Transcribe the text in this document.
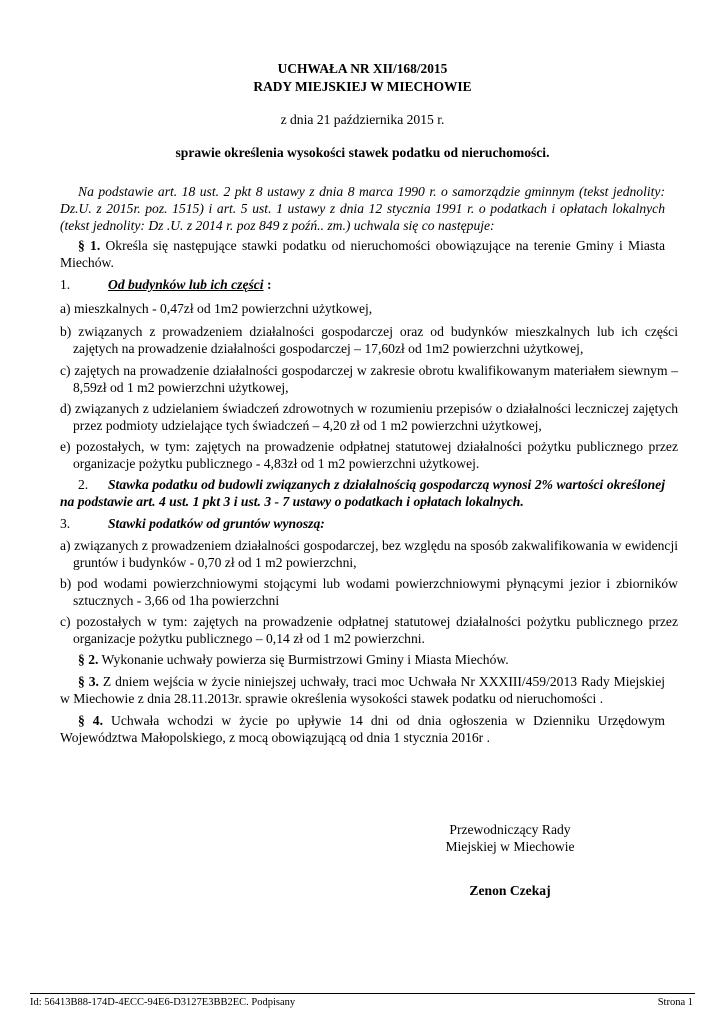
UCHWAŁA NR XII/168/2015
RADY MIEJSKIEJ W MIECHOWIE
z dnia 21 października 2015 r.
sprawie określenia wysokości stawek podatku od nieruchomości.

Na podstawie art. 18 ust. 2 pkt 8 ustawy z dnia 8 marca 1990 r. o samorządzie gminnym (tekst jednolity: Dz.U. z 2015r. poz. 1515) i art. 5 ust. 1 ustawy z dnia 12 stycznia 1991 r. o podatkach i opłatach lokalnych (tekst jednolity: Dz .U. z 2014 r. poz 849 z poźń.. zm.) uchwala się co następuje:

§ 1. Określa się następujące stawki podatku od nieruchomości obowiązujące na terenie Gminy i Miasta Miechów.

1.	Od budynków lub ich części :

a) mieszkalnych - 0,47zł od 1m2 powierzchni użytkowej,

b) związanych z prowadzeniem działalności gospodarczej oraz od budynków mieszkalnych lub ich części zajętych na prowadzenie działalności gospodarczej – 17,60zł od 1m2 powierzchni użytkowej,

c) zajętych na prowadzenie działalności gospodarczej w zakresie obrotu kwalifikowanym materiałem siewnym – 8,59zł od 1 m2 powierzchni użytkowej,

d) związanych z udzielaniem świadczeń zdrowotnych w rozumieniu przepisów o działalności leczniczej zajętych przez podmioty udzielające tych świadczeń – 4,20 zł od 1 m2 powierzchni użytkowej,

e) pozostałych, w tym: zajętych na prowadzenie odpłatnej statutowej działalności pożytku publicznego przez organizacje pożytku publicznego - 4,83zł od 1 m2 powierzchni użytkowej.

2. Stawka podatku od budowli związanych z działalnością gospodarczą wynosi 2% wartości określonej na podstawie art. 4 ust. 1 pkt 3 i ust. 3 - 7 ustawy o podatkach i opłatach lokalnych.

3.	Stawki podatków od gruntów wynoszą:

a) związanych z prowadzeniem działalności gospodarczej, bez względu na sposób zakwalifikowania w ewidencji gruntów i budynków - 0,70 zł od 1 m2 powierzchni,

b) pod wodami powierzchniowymi stojącymi lub wodami powierzchniowymi płynącymi jezior i zbiorników sztucznych - 3,66 od 1ha powierzchni

c) pozostałych w tym: zajętych na prowadzenie odpłatnej statutowej działalności pożytku publicznego przez organizacje pożytku publicznego – 0,14 zł od 1 m2 powierzchni.

§ 2. Wykonanie uchwały powierza się Burmistrzowi Gminy i Miasta Miechów.

§ 3. Z dniem wejścia w życie niniejszej uchwały, traci moc Uchwała Nr XXXIII/459/2013 Rady Miejskiej w Miechowie z dnia 28.11.2013r. sprawie określenia wysokości stawek podatku od nieruchomości .

§ 4. Uchwała wchodzi w życie po upływie 14 dni od dnia ogłoszenia w Dzienniku Urzędowym Województwa Małopolskiego, z mocą obowiązującą od dnia 1 stycznia 2016r .

Przewodniczący Rady
Miejskiej w Miechowie
Zenon Czekaj
Id: 56413B88-174D-4ECC-94E6-D3127E3BB2EC. Podpisany	Strona 1
